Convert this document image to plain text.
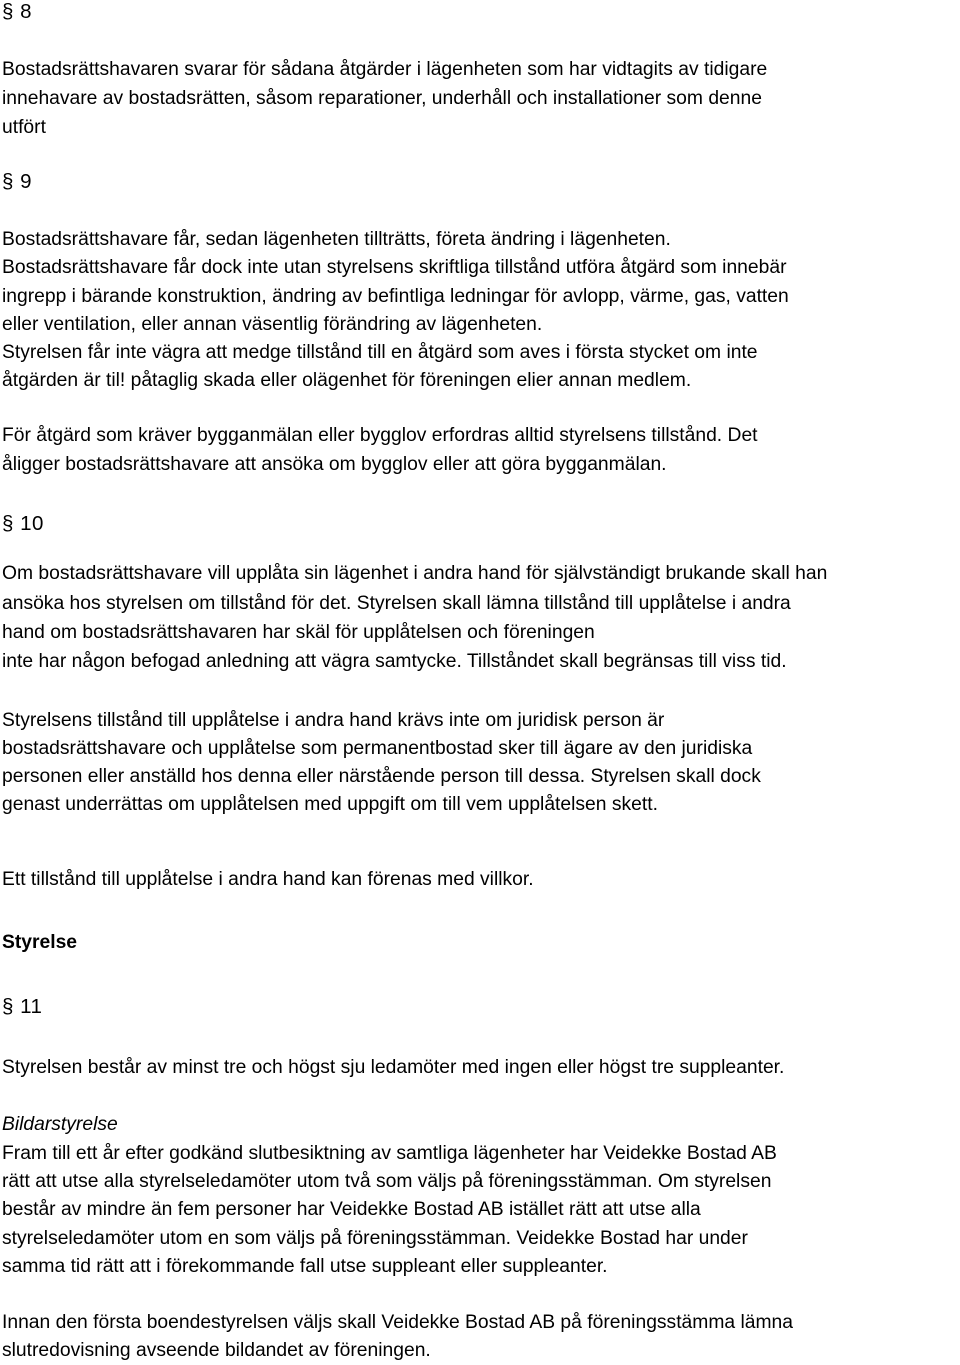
§ 8
Bostadsrättshavaren svarar för sådana åtgärder i lägenheten som har vidtagits av tidigare
innehavare av bostadsrätten, såsom reparationer, underhåll och installationer som denne
utfört
§ 9
Bostadsrättshavare får, sedan lägenheten tillträtts, företa ändring i lägenheten.
Bostadsrättshavare får dock inte utan styrelsens skriftliga tillstånd utföra åtgärd som innebär
ingrepp i bärande konstruktion, ändring av befintliga ledningar för avlopp, värme, gas, vatten
eller ventilation, eller annan väsentlig förändring av lägenheten.
Styrelsen får inte vägra att medge tillstånd till en åtgärd som aves i första stycket om inte
åtgärden är til! påtaglig skada eller olägenhet för föreningen elier annan medlem.
För åtgärd som kräver bygganmälan eller bygglov erfordras alltid styrelsens tillstånd. Det
åligger bostadsrättshavare att ansöka om bygglov eller att göra bygganmälan.
§ 10
Om bostadsrättshavare vill upplåta sin lägenhet i andra hand för självständigt brukande skall han
ansöka hos styrelsen om tillstånd för det. Styrelsen skall lämna tillstånd till upplåtelse i andra
hand om bostadsrättshavaren har skäl för upplåtelsen och föreningen
inte har någon befogad anledning att vägra samtycke. Tillståndet skall begränsas till viss tid.
Styrelsens tillstånd till upplåtelse i andra hand krävs inte om juridisk person är
bostadsrättshavare och upplåtelse som permanentbostad sker till ägare av den juridiska
personen eller anställd hos denna eller närstående person till dessa. Styrelsen skall dock
genast underrättas om upplåtelsen med uppgift om till vem upplåtelsen skett.
Ett tillstånd till upplåtelse i andra hand kan förenas med villkor.
Styrelse
§ 11
Styrelsen består av minst tre och högst sju ledamöter med ingen eller högst tre suppleanter.
Bildarstyrelse
Fram till ett år efter godkänd slutbesiktning av samtliga lägenheter har Veidekke Bostad AB
rätt att utse alla styrelseledamöter utom två som väljs på föreningsstämman. Om styrelsen
består av mindre än fem personer har Veidekke Bostad AB istället rätt att utse alla
styrelseledamöter utom en som väljs på föreningsstämman. Veidekke Bostad har under
samma tid rätt att i förekommande fall utse suppleant eller suppleanter.
Innan den första boendestyrelsen väljs skall Veidekke Bostad AB på föreningsstämma lämna
slutredovisning avseende bildandet av föreningen.
